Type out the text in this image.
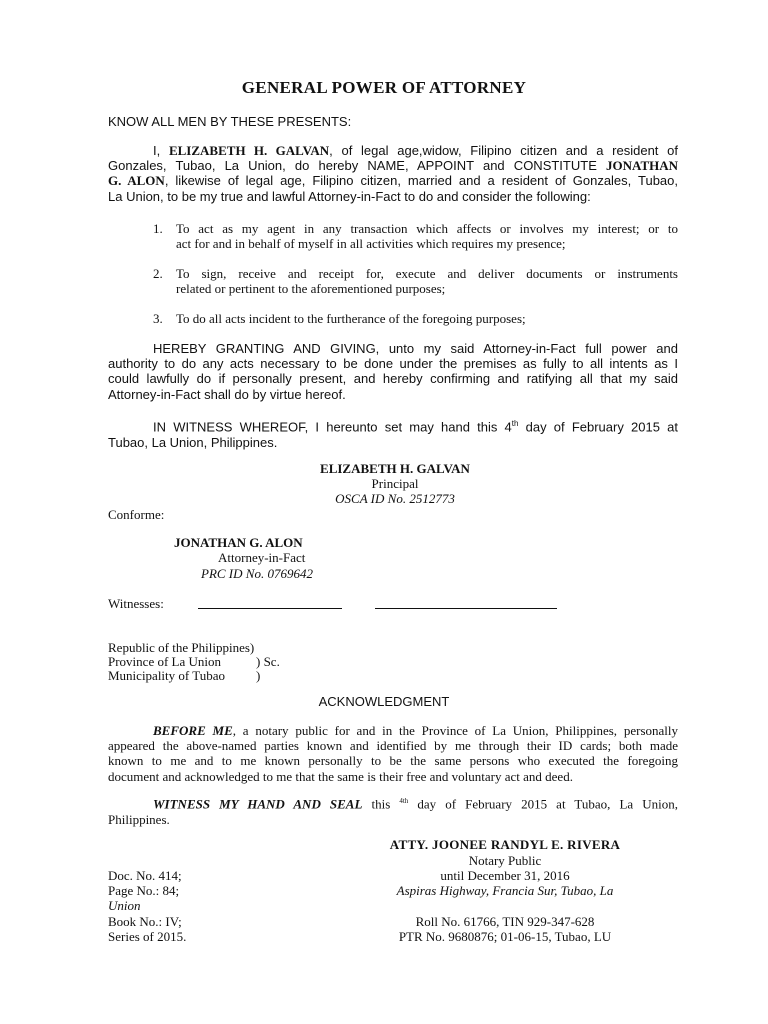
GENERAL POWER OF ATTORNEY
KNOW ALL MEN BY THESE PRESENTS:
I, ELIZABETH H. GALVAN, of legal age,widow, Filipino citizen and a resident of
Gonzales, Tubao, La Union, do hereby NAME, APPOINT and CONSTITUTE JONATHAN
G. ALON, likewise of legal age, Filipino citizen, married and a resident of Gonzales, Tubao,
La Union, to be my true and lawful Attorney-in-Fact to do and consider the following:
1. To act as my agent in any transaction which affects or involves my interest; or to
act for and in behalf of myself in all activities which requires my presence;
2. To sign, receive and receipt for, execute and deliver documents or instruments
related or pertinent to the aforementioned purposes;
3. To do all acts incident to the furtherance of the foregoing purposes;
HEREBY GRANTING AND GIVING, unto my said Attorney-in-Fact full power and
authority to do any acts necessary to be done under the premises as fully to all intents as I
could lawfully do if personally present, and hereby confirming and ratifying all that my said
Attorney-in-Fact shall do by virtue hereof.
IN WITNESS WHEREOF, I hereunto set may hand this 4th day of February 2015 at
Tubao, La Union, Philippines.
ELIZABETH H. GALVAN
Principal
OSCA ID No. 2512773
Conforme:
JONATHAN G. ALON
Attorney-in-Fact
PRC ID No. 0769642
Witnesses:
Republic of the Philippines)
Province of La Union	) Sc.
Municipality of Tubao )
ACKNOWLEDGMENT
BEFORE ME, a notary public for and in the Province of La Union, Philippines, personally
appeared the above-named parties known and identified by me through their ID cards; both made
known to me and to me known personally to be the same persons who executed the foregoing
document and acknowledged to me that the same is their free and voluntary act and deed.
WITNESS MY HAND AND SEAL this $^{4th}$ day of February 2015 at Tubao, La Union,
Philippines.
ATTY. JOONEE RANDYL E. RIVERA
Notary Public
until December 31, 2016
Aspiras Highway, Francia Sur, Tubao, La
Union
Roll No. 61766, TIN 929-347-628
PTR No. 9680876; 01-06-15, Tubao, LU
Doc. No. 414;
Page No.: 84;
Book No.: IV;
Series of 2015.
